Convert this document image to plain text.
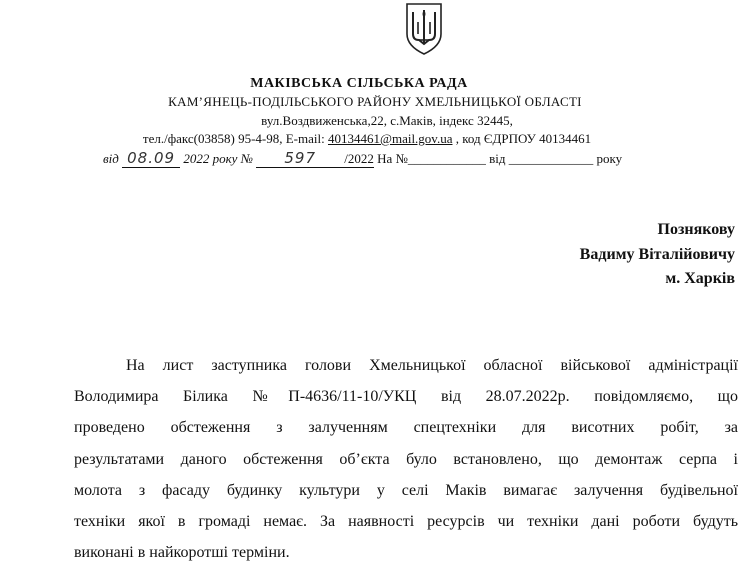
МАКІВСЬКА СІЛЬСЬКА РАДА
КАМ’ЯНЕЦЬ-ПОДІЛЬСЬКОГО РАЙОНУ ХМЕЛЬНИЦЬКОЇ ОБЛАСТІ
вул.Воздвиженська,22, с.Маків, індекс 32445,
тел./факс(03858) 95-4-98, E-mail: 40134461@mail.gov.ua , код ЄДРПОУ 40134461
від 08.09 2022 року № 597 /2022 На №____________ від _____________ року
Познякову
Вадиму Віталійовичу
м. Харків
На лист заступника голови Хмельницької обласної військової адміністрації
Володимира Білика №П-4636/11-10/УКЦ від 28.07.2022р. повідомляємо, що
проведено обстеження з залученням спецтехніки для висотних робіт, за
результатами даного обстеження об’єкта було встановлено, що демонтаж серпа і
молота з фасаду будинку культури у селі Маків вимагає залучення будівельної
техніки якої в громаді немає. За наявності ресурсів чи техніки дані роботи будуть
виконані в найкоротші терміни.
